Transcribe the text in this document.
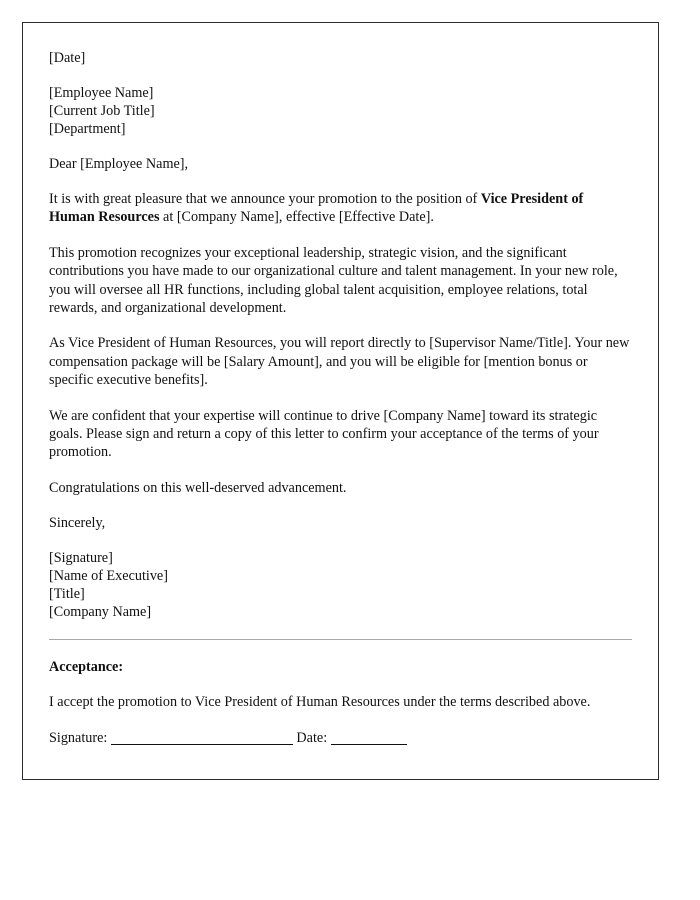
[Date]
[Employee Name]
[Current Job Title]
[Department]
Dear [Employee Name],

It is with great pleasure that we announce your promotion to the position of Vice President of Human Resources at [Company Name], effective [Effective Date].

This promotion recognizes your exceptional leadership, strategic vision, and the significant contributions you have made to our organizational culture and talent management. In your new role, you will oversee all HR functions, including global talent acquisition, employee relations, total rewards, and organizational development.

As Vice President of Human Resources, you will report directly to [Supervisor Name/Title]. Your new compensation package will be [Salary Amount], and you will be eligible for [mention bonus or specific executive benefits].

We are confident that your expertise will continue to drive [Company Name] toward its strategic goals. Please sign and return a copy of this letter to confirm your acceptance of the terms of your promotion.

Congratulations on this well-deserved advancement.

Sincerely,
[Signature]
[Name of Executive]
[Title]
[Company Name]
Acceptance:

I accept the promotion to Vice President of Human Resources under the terms described above.

Signature:	Date:
